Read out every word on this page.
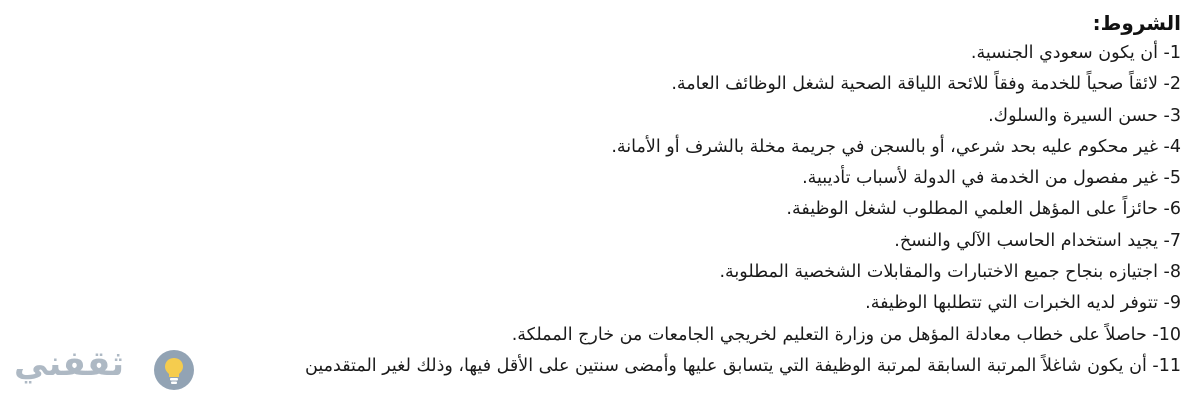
الشروط:
1- أن يكون سعودي الجنسية.
2- لائقاً صحياً للخدمة وفقاً للائحة اللياقة الصحية لشغل الوظائف العامة.
3- حسن السيرة والسلوك.
4- غير محكوم عليه بحد شرعي، أو بالسجن في جريمة مخلة بالشرف أو الأمانة.
5- غير مفصول من الخدمة في الدولة لأسباب تأديبية.
6- حائزاً على المؤهل العلمي المطلوب لشغل الوظيفة.
7- يجيد استخدام الحاسب الآلي والنسخ.
8- اجتيازه بنجاح جميع الاختبارات والمقابلات الشخصية المطلوبة.
9- تتوفر لديه الخبرات التي تتطلبها الوظيفة.
10- حاصلاً على خطاب معادلة المؤهل من وزارة التعليم لخريجي الجامعات من خارج المملكة.
11- أن يكون شاغلاً المرتبة السابقة لمرتبة الوظيفة التي يتسابق عليها وأمضى سنتين على الأقل فيها، وذلك لغير المتقدمين
ثقفني
